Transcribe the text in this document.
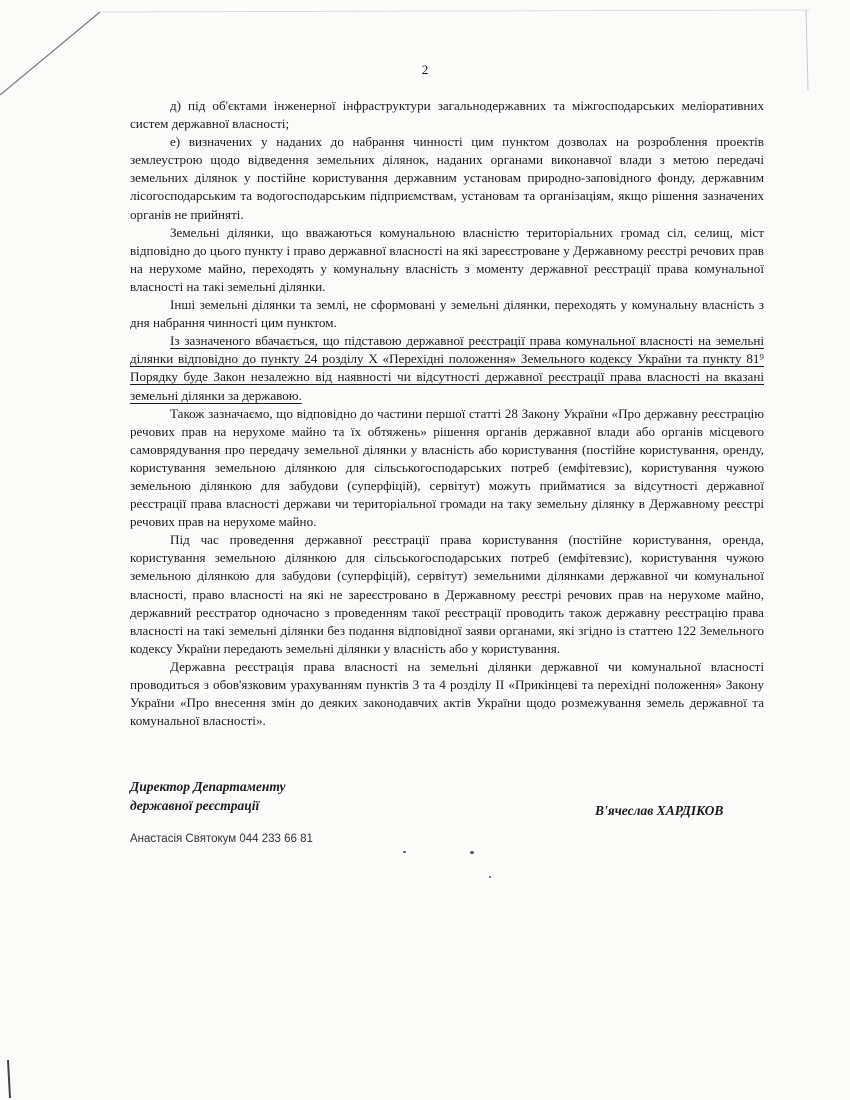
2

д) під об'єктами інженерної інфраструктури загальнодержавних та міжгосподарських меліоративних систем державної власності;

е) визначених у наданих до набрання чинності цим пунктом дозволах на розроблення проектів землеустрою щодо відведення земельних ділянок, наданих органами виконавчої влади з метою передачі земельних ділянок у постійне користування державним установам природно-заповідного фонду, державним лісогосподарським та водогосподарським підприємствам, установам та організаціям, якщо рішення зазначених органів не прийняті.

Земельні ділянки, що вважаються комунальною власністю територіальних громад сіл, селищ, міст відповідно до цього пункту і право державної власності на які зареєстроване у Державному реєстрі речових прав на нерухоме майно, переходять у комунальну власність з моменту державної реєстрації права комунальної власності на такі земельні ділянки.

Інші земельні ділянки та землі, не сформовані у земельні ділянки, переходять у комунальну власність з дня набрання чинності цим пунктом.

Із зазначеного вбачається, що підставою державної реєстрації права комунальної власності на земельні ділянки відповідно до пункту 24 розділу X «Перехідні положення» Земельного кодексу України та пункту 81⁹ Порядку буде Закон незалежно від наявності чи відсутності державної реєстрації права власності на вказані земельні ділянки за державою.

Також зазначаємо, що відповідно до частини першої статті 28 Закону України «Про державну реєстрацію речових прав на нерухоме майно та їх обтяжень» рішення органів державної влади або органів місцевого самоврядування про передачу земельної ділянки у власність або користування (постійне користування, оренду, користування земельною ділянкою для сільськогосподарських потреб (емфітевзис), користування чужою земельною ділянкою для забудови (суперфіцій), сервітут) можуть прийматися за відсутності державної реєстрації права власності держави чи територіальної громади на таку земельну ділянку в Державному реєстрі речових прав на нерухоме майно.

Під час проведення державної реєстрації права користування (постійне користування, оренда, користування земельною ділянкою для сільськогосподарських потреб (емфітевзис), користування чужою земельною ділянкою для забудови (суперфіцій), сервітут) земельними ділянками державної чи комунальної власності, право власності на які не зареєстровано в Державному реєстрі речових прав на нерухоме майно, державний реєстратор одночасно з проведенням такої реєстрації проводить також державну реєстрацію права власності на такі земельні ділянки без подання відповідної заяви органами, які згідно із статтею 122 Земельного кодексу України передають земельні ділянки у власність або у користування.

Державна реєстрація права власності на земельні ділянки державної чи комунальної власності проводиться з обов'язковим урахуванням пунктів 3 та 4 розділу II «Прикінцеві та перехідні положення» Закону України «Про внесення змін до деяких законодавчих актів України щодо розмежування земель державної та комунальної власності».

Директор Департаменту
державної реєстрації	В'ячеслав ХАРДІКОВ
Анастасія Святокум 044 233 66 81
